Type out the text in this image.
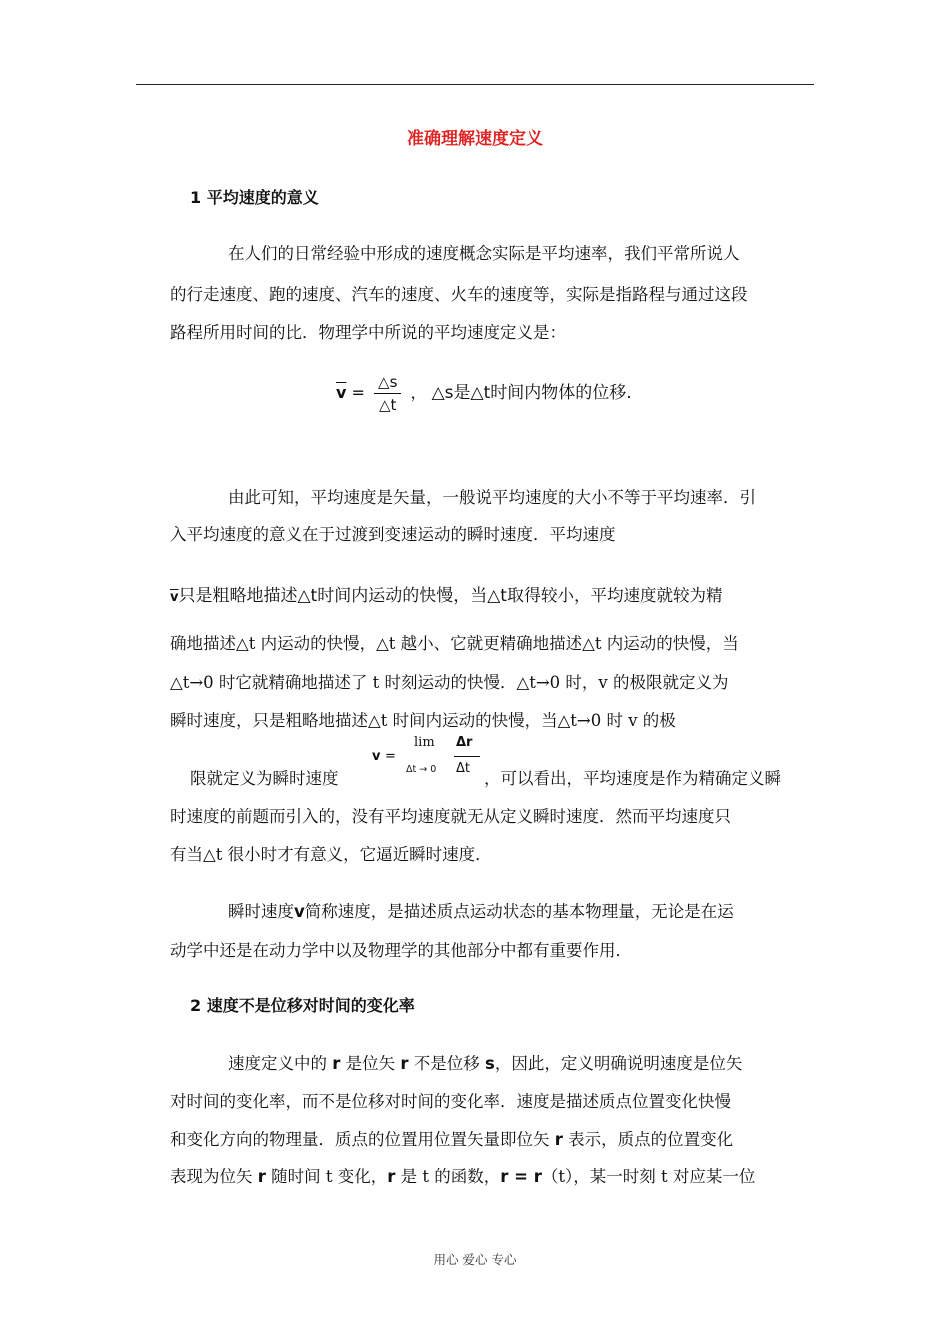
准确理解速度定义
1 平均速度的意义
在人们的日常经验中形成的速度概念实际是平均速率，我们平常所说人
的行走速度、跑的速度、汽车的速度、火车的速度等，实际是指路程与通过这段
路程所用时间的比．物理学中所说的平均速度定义是：
$\overline{v} = \frac{\triangle s}{\triangle t}$ ， △s是△t时间内物体的位移.
由此可知，平均速度是矢量，一般说平均速度的大小不等于平均速率．引
入平均速度的意义在于过渡到变速运动的瞬时速度．平均速度
$\overline{v}$只是粗略地描述△t时间内运动的快慢，当△t取得较小，平均速度就较为精
确地描述△t 内运动的快慢，△t 越小、它就更精确地描述△t 内运动的快慢，当
△t→0 时它就精确地描述了 t 时刻运动的快慢．△t→0 时，v 的极限就定义为
瞬时速度，只是粗略地描述△t 时间内运动的快慢，当△t→0 时 v 的极
限就定义为瞬时速度
v =
lim
Δt → 0
Δr
Δt
，可以看出，平均速度是作为精确定义瞬
时速度的前题而引入的，没有平均速度就无从定义瞬时速度．然而平均速度只
有当△t 很小时才有意义，它逼近瞬时速度．
瞬时速度v简称速度，是描述质点运动状态的基本物理量，无论是在运
动学中还是在动力学中以及物理学的其他部分中都有重要作用．
2 速度不是位移对时间的变化率
速度定义中的 r 是位矢 r 不是位移 s，因此，定义明确说明速度是位矢
对时间的变化率，而不是位移对时间的变化率．速度是描述质点位置变化快慢
和变化方向的物理量．质点的位置用位置矢量即位矢 r 表示，质点的位置变化
表现为位矢 r 随时间 t 变化，r 是 t 的函数，r = r（t），某一时刻 t 对应某一位
用心 爱心 专心
